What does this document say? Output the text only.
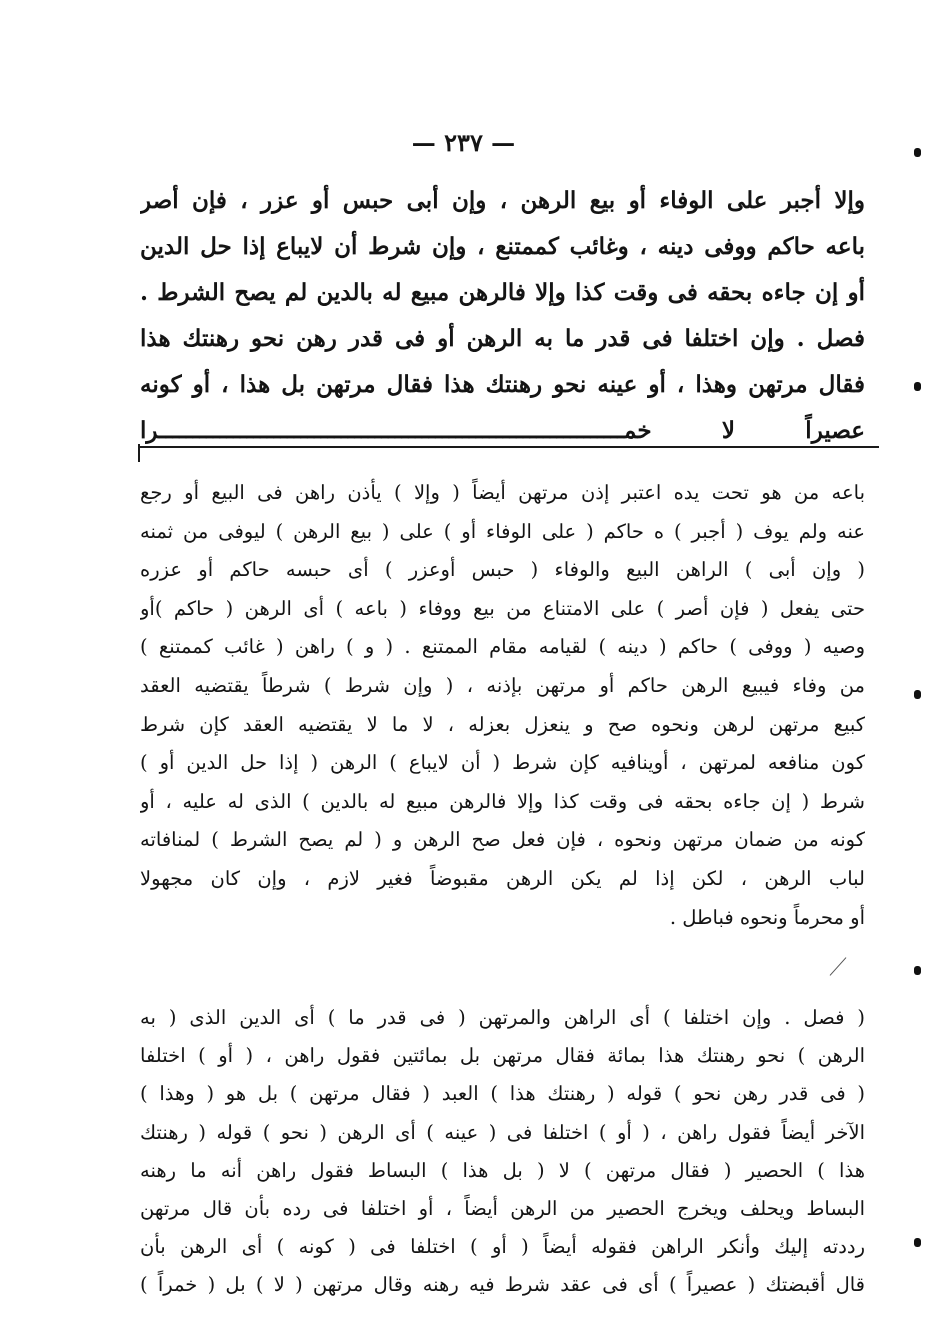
— ٢٣٧ —
وإلا أجبر على الوفاء أو بيع الرهن ، وإن أبى حبس أو عزر ، فإن أصر
باعه حاكم ووفى دينه ، وغائب كممتنع ، وإن شرط أن لايباع إذا حل الدين
أو إن جاءه بحقه فى وقت كذا وإلا فالرهن مبيع له بالدين لم يصح الشرط .
فصل . وإن اختلفا فى قدر ما به الرهن أو فى قدر رهن نحو رهنتك هذا
فقال مرتهن وهذا ، أو عينه نحو رهنتك هذا فقال مرتهن بل هذا ، أو كونه
عصيراً لا خمـــــــــــــــــــــــــــــــــــــــــــــــــــــــــــــــــــــرا
باعه من هو تحت يده اعتبر إذن مرتهن أيضاً ( وإلا ) يأذن راهن فى البيع أو رجع
عنه ولم يوف ( أجبر ) ه حاكم ( على الوفاء أو ) على ( بيع الرهن ) ليوفى من ثمنه
( وإن أبى ) الراهن البيع والوفاء ( حبس أوعزر ) أى حبسه حاكم أو عزره
حتى يفعل ( فإن أصر ) على الامتناع من بيع ووفاء ( باعه ) أى الرهن ( حاكم )أو
وصيه ( ووفى ) حاكم ( دينه ) لقيامه مقام الممتنع . ( و ) راهن ( غائب كممتنع )
من وفاء فيبيع الرهن حاكم أو مرتهن بإذنه ، ( وإن شرط ) شرطاً يقتضيه العقد
كبيع مرتهن لرهن ونحوه صح و ينعزل بعزله ، لا ما لا يقتضيه العقد كإن شرط
كون منافعه لمرتهن ، أوينافيه كإن شرط ( أن لايباع ) الرهن ( إذا حل الدين أو )
شرط ( إن جاءه بحقه فى وقت كذا وإلا فالرهن مبيع له بالدين ) الذى له عليه ، أو
كونه من ضمان مرتهن ونحوه ، فإن فعل صح الرهن و ( لم يصح الشرط ) لمنافاته
لباب الرهن ، لكن إذا لم يكن الرهن مقبوضاً فغير لازم ، وإن كان مجهولا
أو محرماً ونحوه فباطل .
( فصل . وإن اختلفا ) أى الراهن والمرتهن ( فى قدر ما ) أى الدين الذى ( به
الرهن ) نحو رهنتك هذا بمائة فقال مرتهن بل بمائتين فقول راهن ، ( أو ) اختلفا
( فى قدر رهن نحو ) قوله ( رهنتك هذا ) العبد ( فقال مرتهن ) بل هو ( وهذا )
الآخر أيضاً فقول راهن ، ( أو ) اختلفا فى ( عينه ) أى الرهن ( نحو ) قوله ( رهنتك
هذا ) الحصير ( فقال مرتهن ) لا ( بل هذا ) البساط فقول راهن أنه ما رهنه
البساط ويحلف ويخرج الحصير من الرهن أيضاً ، أو اختلفا فى رده بأن قال مرتهن
رددته إليك وأنكر الراهن فقوله أيضاً ( أو ) اختلفا فى ( كونه ) أى الرهن بأن
قال أقبضتك ( عصيراً ) أى فى عقد شرط فيه رهنه وقال مرتهن ( لا ) بل ( خمراً )
